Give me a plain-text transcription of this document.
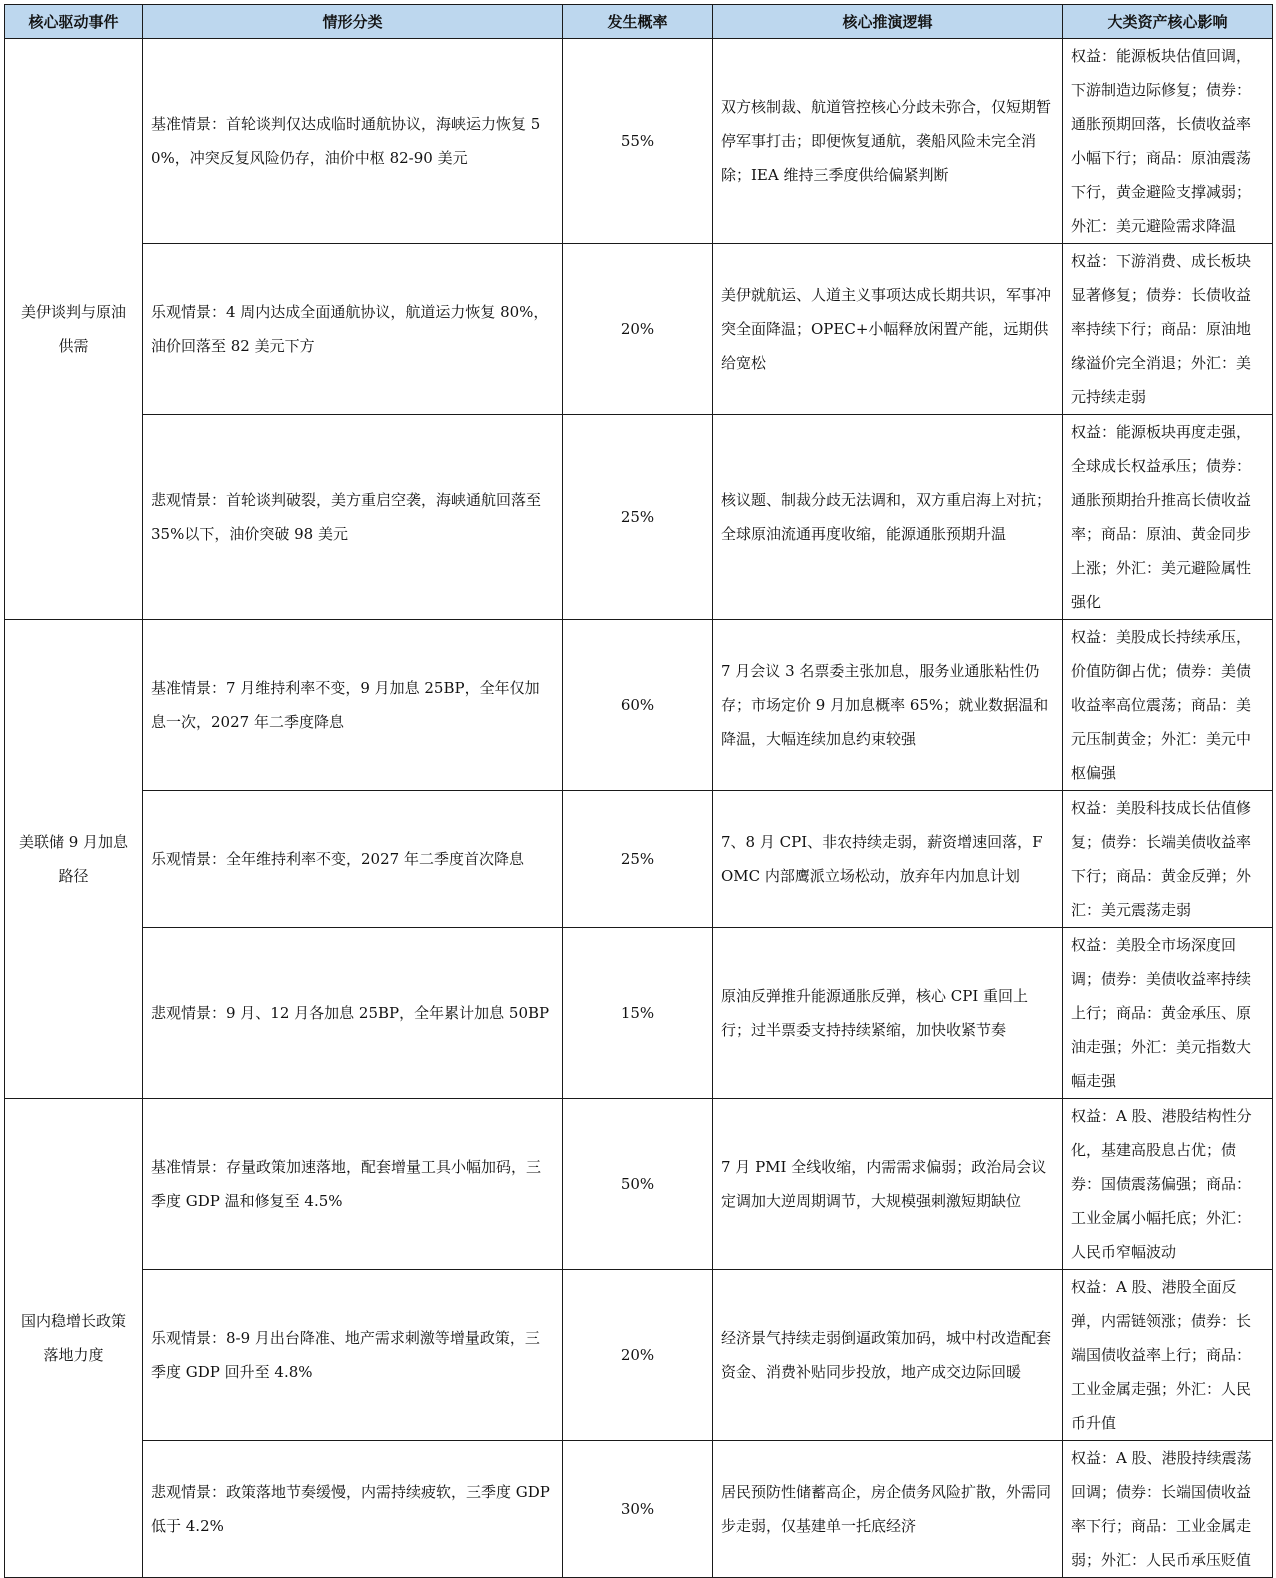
核心驱动事件	情形分类	发生概率	核心推演逻辑	大类资产核心影响
美伊谈判与原油供需	基准情景：首轮谈判仅达成临时通航协议，海峡运力恢复 50%，冲突反复风险仍存，油价中枢 82-90 美元	55%	双方核制裁、航道管控核心分歧未弥合，仅短期暂停军事打击；即便恢复通航，袭船风险未完全消除；IEA 维持三季度供给偏紧判断	权益：能源板块估值回调，下游制造边际修复；债券：通胀预期回落，长债收益率小幅下行；商品：原油震荡下行，黄金避险支撑减弱；外汇：美元避险需求降温
	乐观情景：4 周内达成全面通航协议，航道运力恢复 80%，油价回落至 82 美元下方	20%	美伊就航运、人道主义事项达成长期共识，军事冲突全面降温；OPEC+小幅释放闲置产能，远期供给宽松	权益：下游消费、成长板块显著修复；债券：长债收益率持续下行；商品：原油地缘溢价完全消退；外汇：美元持续走弱
	悲观情景：首轮谈判破裂，美方重启空袭，海峡通航回落至 35%以下，油价突破 98 美元	25%	核议题、制裁分歧无法调和，双方重启海上对抗；全球原油流通再度收缩，能源通胀预期升温	权益：能源板块再度走强，全球成长权益承压；债券：通胀预期抬升推高长债收益率；商品：原油、黄金同步上涨；外汇：美元避险属性强化
美联储 9 月加息路径	基准情景：7 月维持利率不变，9 月加息 25BP，全年仅加息一次，2027 年二季度降息	60%	7 月会议 3 名票委主张加息，服务业通胀粘性仍存；市场定价 9 月加息概率 65%；就业数据温和降温，大幅连续加息约束较强	权益：美股成长持续承压，价值防御占优；债券：美债收益率高位震荡；商品：美元压制黄金；外汇：美元中枢偏强
	乐观情景：全年维持利率不变，2027 年二季度首次降息	25%	7、8 月 CPI、非农持续走弱，薪资增速回落，FOMC 内部鹰派立场松动，放弃年内加息计划	权益：美股科技成长估值修复；债券：长端美债收益率下行；商品：黄金反弹；外汇：美元震荡走弱
	悲观情景：9 月、12 月各加息 25BP，全年累计加息 50BP	15%	原油反弹推升能源通胀反弹，核心 CPI 重回上行；过半票委支持持续紧缩，加快收紧节奏	权益：美股全市场深度回调；债券：美债收益率持续上行；商品：黄金承压、原油走强；外汇：美元指数大幅走强
国内稳增长政策落地力度	基准情景：存量政策加速落地，配套增量工具小幅加码，三季度 GDP 温和修复至 4.5%	50%	7 月 PMI 全线收缩，内需需求偏弱；政治局会议定调加大逆周期调节，大规模强刺激短期缺位	权益：A 股、港股结构性分化，基建高股息占优；债券：国债震荡偏强；商品：工业金属小幅托底；外汇：人民币窄幅波动
	乐观情景：8-9 月出台降准、地产需求刺激等增量政策，三季度 GDP 回升至 4.8%	20%	经济景气持续走弱倒逼政策加码，城中村改造配套资金、消费补贴同步投放，地产成交边际回暖	权益：A 股、港股全面反弹，内需链领涨；债券：长端国债收益率上行；商品：工业金属走强；外汇：人民币升值
	悲观情景：政策落地节奏缓慢，内需持续疲软，三季度 GDP 低于 4.2%	30%	居民预防性储蓄高企，房企债务风险扩散，外需同步走弱，仅基建单一托底经济	权益：A 股、港股持续震荡回调；债券：长端国债收益率下行；商品：工业金属走弱；外汇：人民币承压贬值
